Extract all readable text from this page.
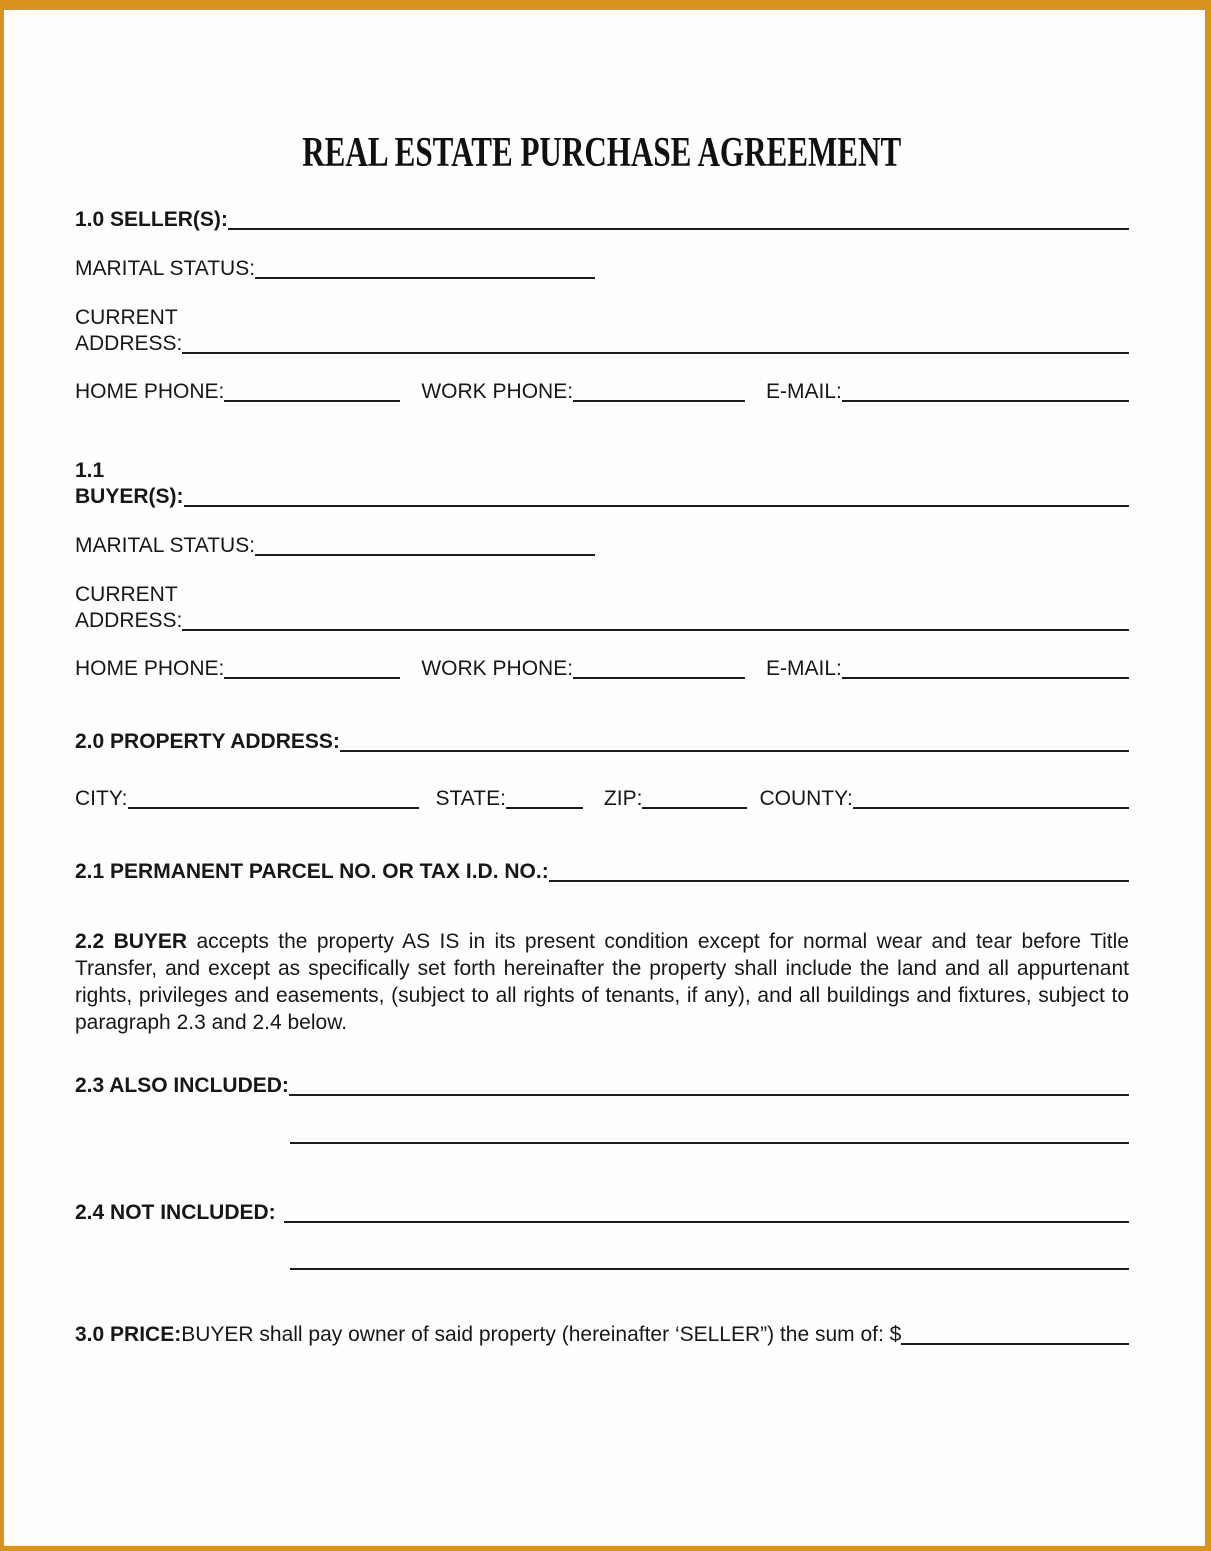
REAL ESTATE PURCHASE AGREEMENT
1.0 SELLER(S):
MARITAL STATUS:
CURRENT
ADDRESS:
HOME PHONE:	WORK PHONE:	E-MAIL:
1.1
BUYER(S):
MARITAL STATUS:
CURRENT
ADDRESS:
HOME PHONE:	WORK PHONE:	E-MAIL:
2.0 PROPERTY ADDRESS:
CITY:	STATE:	ZIP:	COUNTY:
2.1 PERMANENT PARCEL NO. OR TAX I.D. NO.:

2.2 BUYER accepts the property AS IS in its present condition except for normal wear and tear before Title Transfer, and except as specifically set forth hereinafter the property shall include the land and all appurtenant rights, privileges and easements, (subject to all rights of tenants, if any), and all buildings and fixtures, subject to paragraph 2.3 and 2.4 below.

2.3 ALSO INCLUDED:
2.4 NOT INCLUDED:
3.0 PRICE: BUYER shall pay owner of said property (hereinafter ‘SELLER”) the sum of: $
